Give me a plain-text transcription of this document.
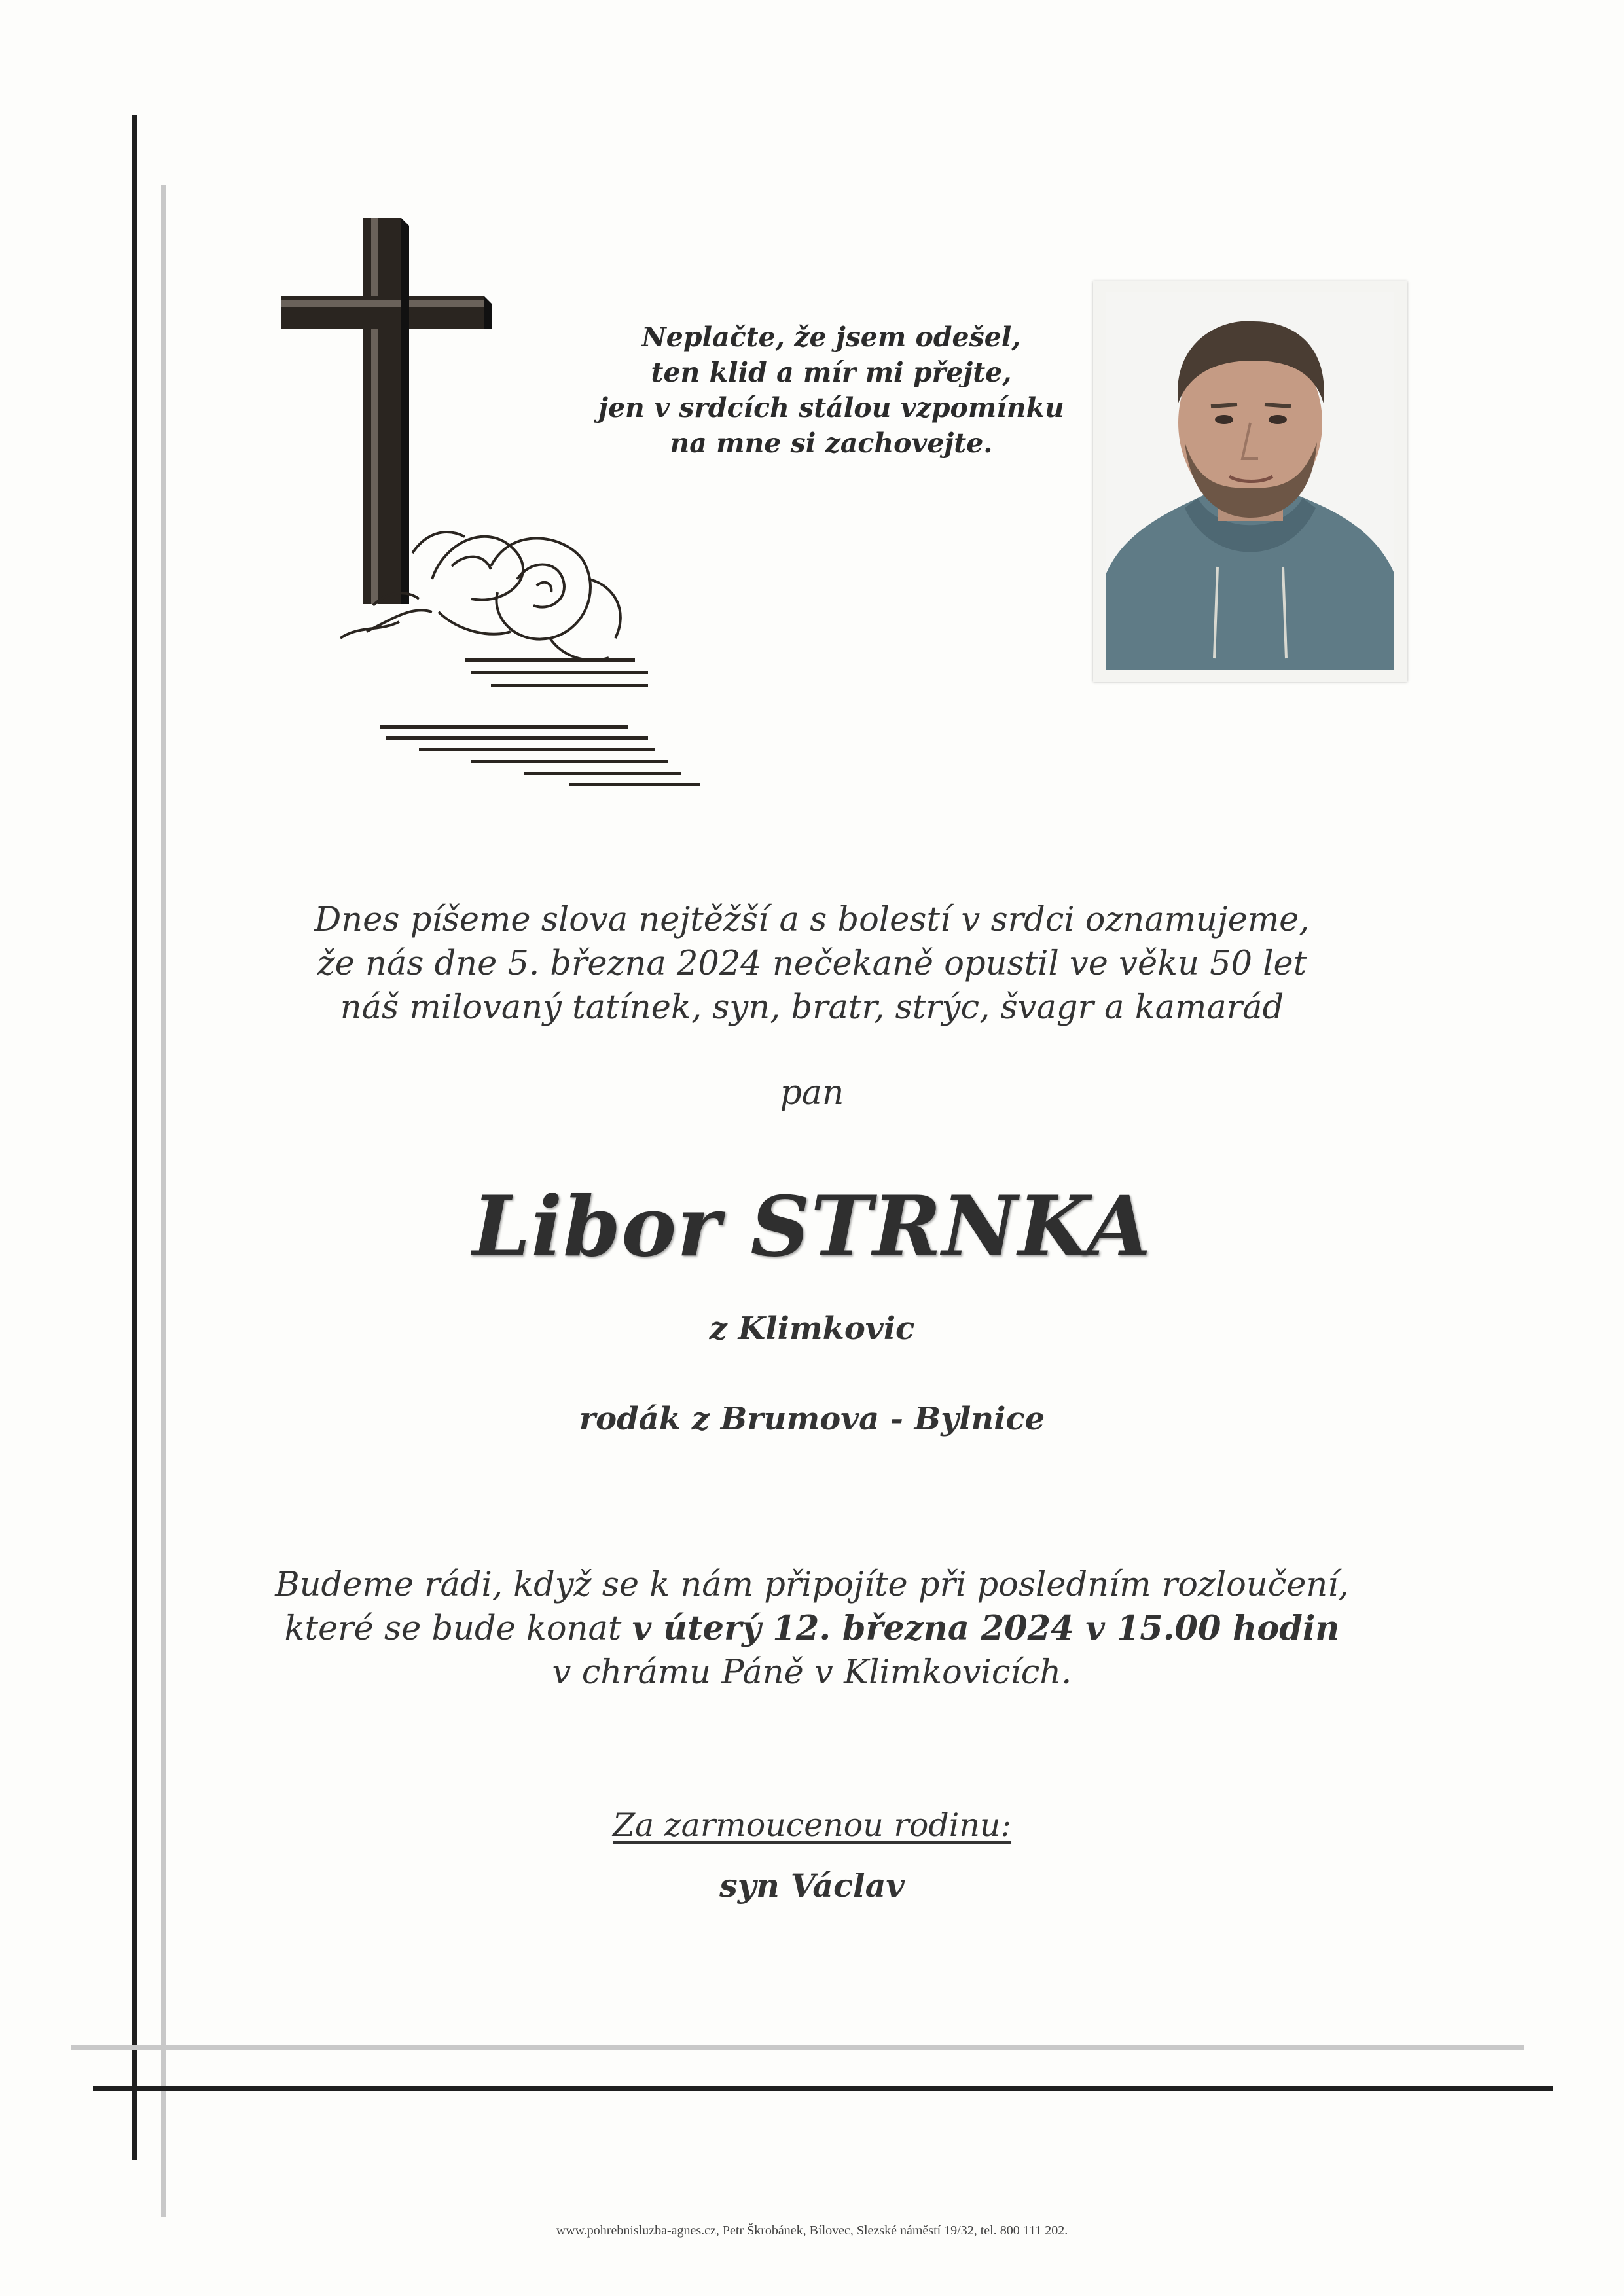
Neplačte, že jsem odešel,
ten klid a mír mi přejte,
jen v srdcích stálou vzpomínku
na mne si zachovejte.
Dnes píšeme slova nejtěžší a s bolestí v srdci oznamujeme,
že nás dne 5. března 2024 nečekaně opustil ve věku 50 let
náš milovaný tatínek, syn, bratr, strýc, švagr a kamarád
pan
Libor STRNKA
z Klimkovic
rodák z Brumova - Bylnice
Budeme rádi, když se k nám připojíte při posledním rozloučení,
které se bude konat v úterý 12. března 2024 v 15.00 hodin
v chrámu Páně v Klimkovicích.
Za zarmoucenou rodinu:
syn Václav
www.pohrebnisluzba-agnes.cz, Petr Škrobánek, Bílovec, Slezské náměstí 19/32, tel. 800 111 202.
